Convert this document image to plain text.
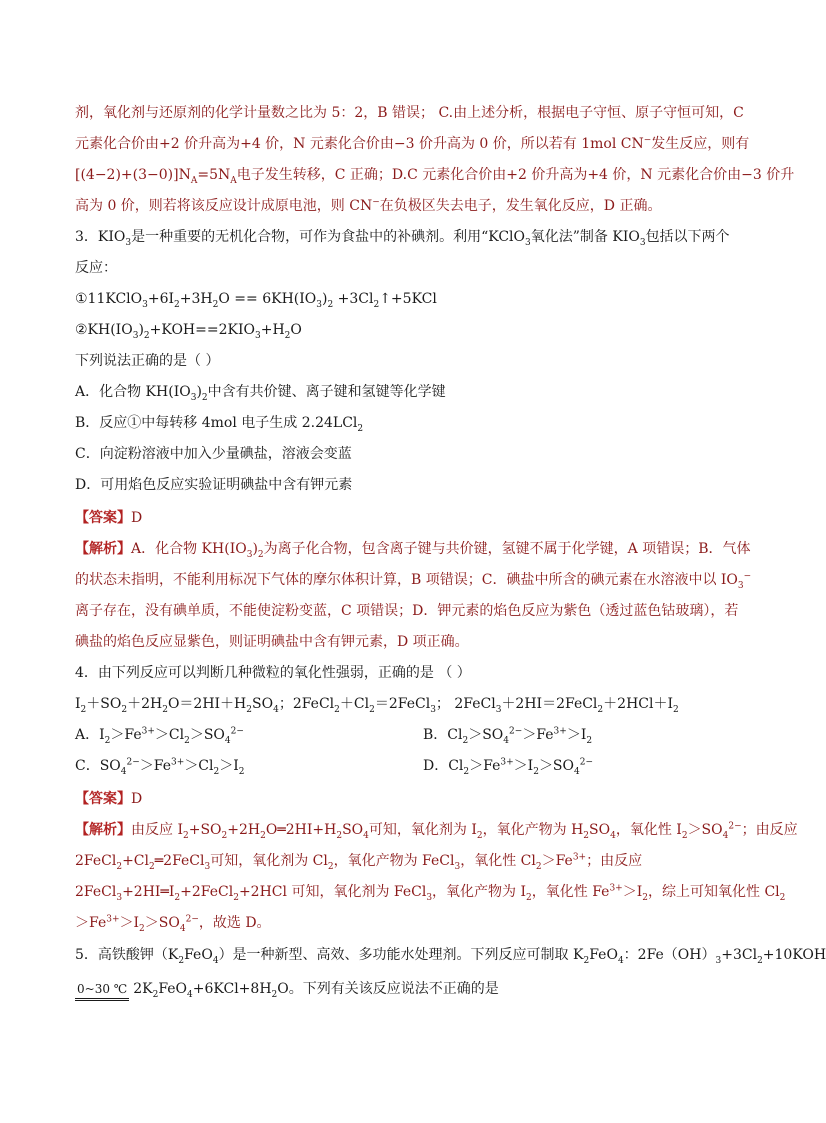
剂，氧化剂与还原剂的化学计量数之比为 5：2，B 错误； C.由上述分析，根据电子守恒、原子守恒可知，C
元素化合价由+2 价升高为+4 价，N 元素化合价由−3 价升高为 0 价，所以若有 1mol CN−发生反应，则有
$[(4-2)+(3-0)]N_A=5N_A$电子发生转移，C 正确；D.C 元素化合价由+2 价升高为+4 价，N 元素化合价由−3 价升
高为 0 价，则若将该反应设计成原电池，则 CN−在负极区失去电子，发生氧化反应，D 正确。
3．$KIO_3$是一种重要的无机化合物，可作为食盐中的补碘剂。利用“KClO$_3$氧化法”制备 $KIO_3$包括以下两个
反应：
$①11KClO_3+6I_2+3H_2O == 6KH(IO_3)_2$ $+3Cl_2↑+5KCl$
$②KH(IO_3)_2+KOH==2KIO_3+H_2O$
下列说法正确的是（ ）
A．化合物 $KH(IO_3)_2$中含有共价键、离子键和氢键等化学键
B．反应①中每转移 4mol 电子生成 2.24LCl$_2$
C．向淀粉溶液中加入少量碘盐，溶液会变蓝
D．可用焰色反应实验证明碘盐中含有钾元素
【答案】D
【解析】A．化合物 $KH(IO_3)_2$为离子化合物，包含离子键与共价键，氢键不属于化学键，A 项错误；B．气体
的状态未指明，不能利用标况下气体的摩尔体积计算，B 项错误；C．碘盐中所含的碘元素在水溶液中以 $IO_3^-$
离子存在，没有碘单质，不能使淀粉变蓝，C 项错误；D．钾元素的焰色反应为紫色（透过蓝色钴玻璃），若
碘盐的焰色反应显紫色，则证明碘盐中含有钾元素，D 项正确。
4．由下列反应可以判断几种微粒的氧化性强弱，正确的是 （ ）
$I_2+SO_2+2H_2O=2HI+H_2SO_4$；$2FeCl_2+Cl_2=2FeCl_3$； $2FeCl_3+2HI=2FeCl_2+2HCl+I_2$
A．$I_2>Fe^{3+}>Cl_2>SO_4^{2-}$	B．$Cl_2>SO_4^{2-}>Fe^{3+}>I_2$
C．$SO_4^{2-}>Fe^{3+}>Cl_2>I_2$	D．$Cl_2>Fe^{3+}>I_2>SO_4^{2-}$
【答案】D
【解析】由反应 $I_2+SO_2+2H_2O═2HI+H_2SO_4$可知，氧化剂为 $I_2$，氧化产物为 $H_2SO_4$，氧化性 $I_2>SO_4^{2-}$；由反应
$2FeCl_2+Cl_2═2FeCl_3$可知，氧化剂为 $Cl_2$，氧化产物为 FeCl$_3$，氧化性 $Cl_2>Fe^{3+}$；由反应
$2FeCl_3+2HI═I_2+2FeCl_2+2HCl$ 可知，氧化剂为 FeCl$_3$，氧化产物为 $I_2$，氧化性 $Fe^{3+}>I_2$，综上可知氧化性 $Cl_2$
$>Fe^{3+}>I_2>SO_4^{2-}$，故选 D。
5．高铁酸钾$(K_2FeO_4)$是一种新型、高效、多功能水处理剂。下列反应可制取 $K_2FeO_4$：$2Fe(OH)_3+3Cl_2+10KOH$
0~30 ℃ $2K_2FeO_4+6KCl+8H_2O$。下列有关该反应说法不正确的是
